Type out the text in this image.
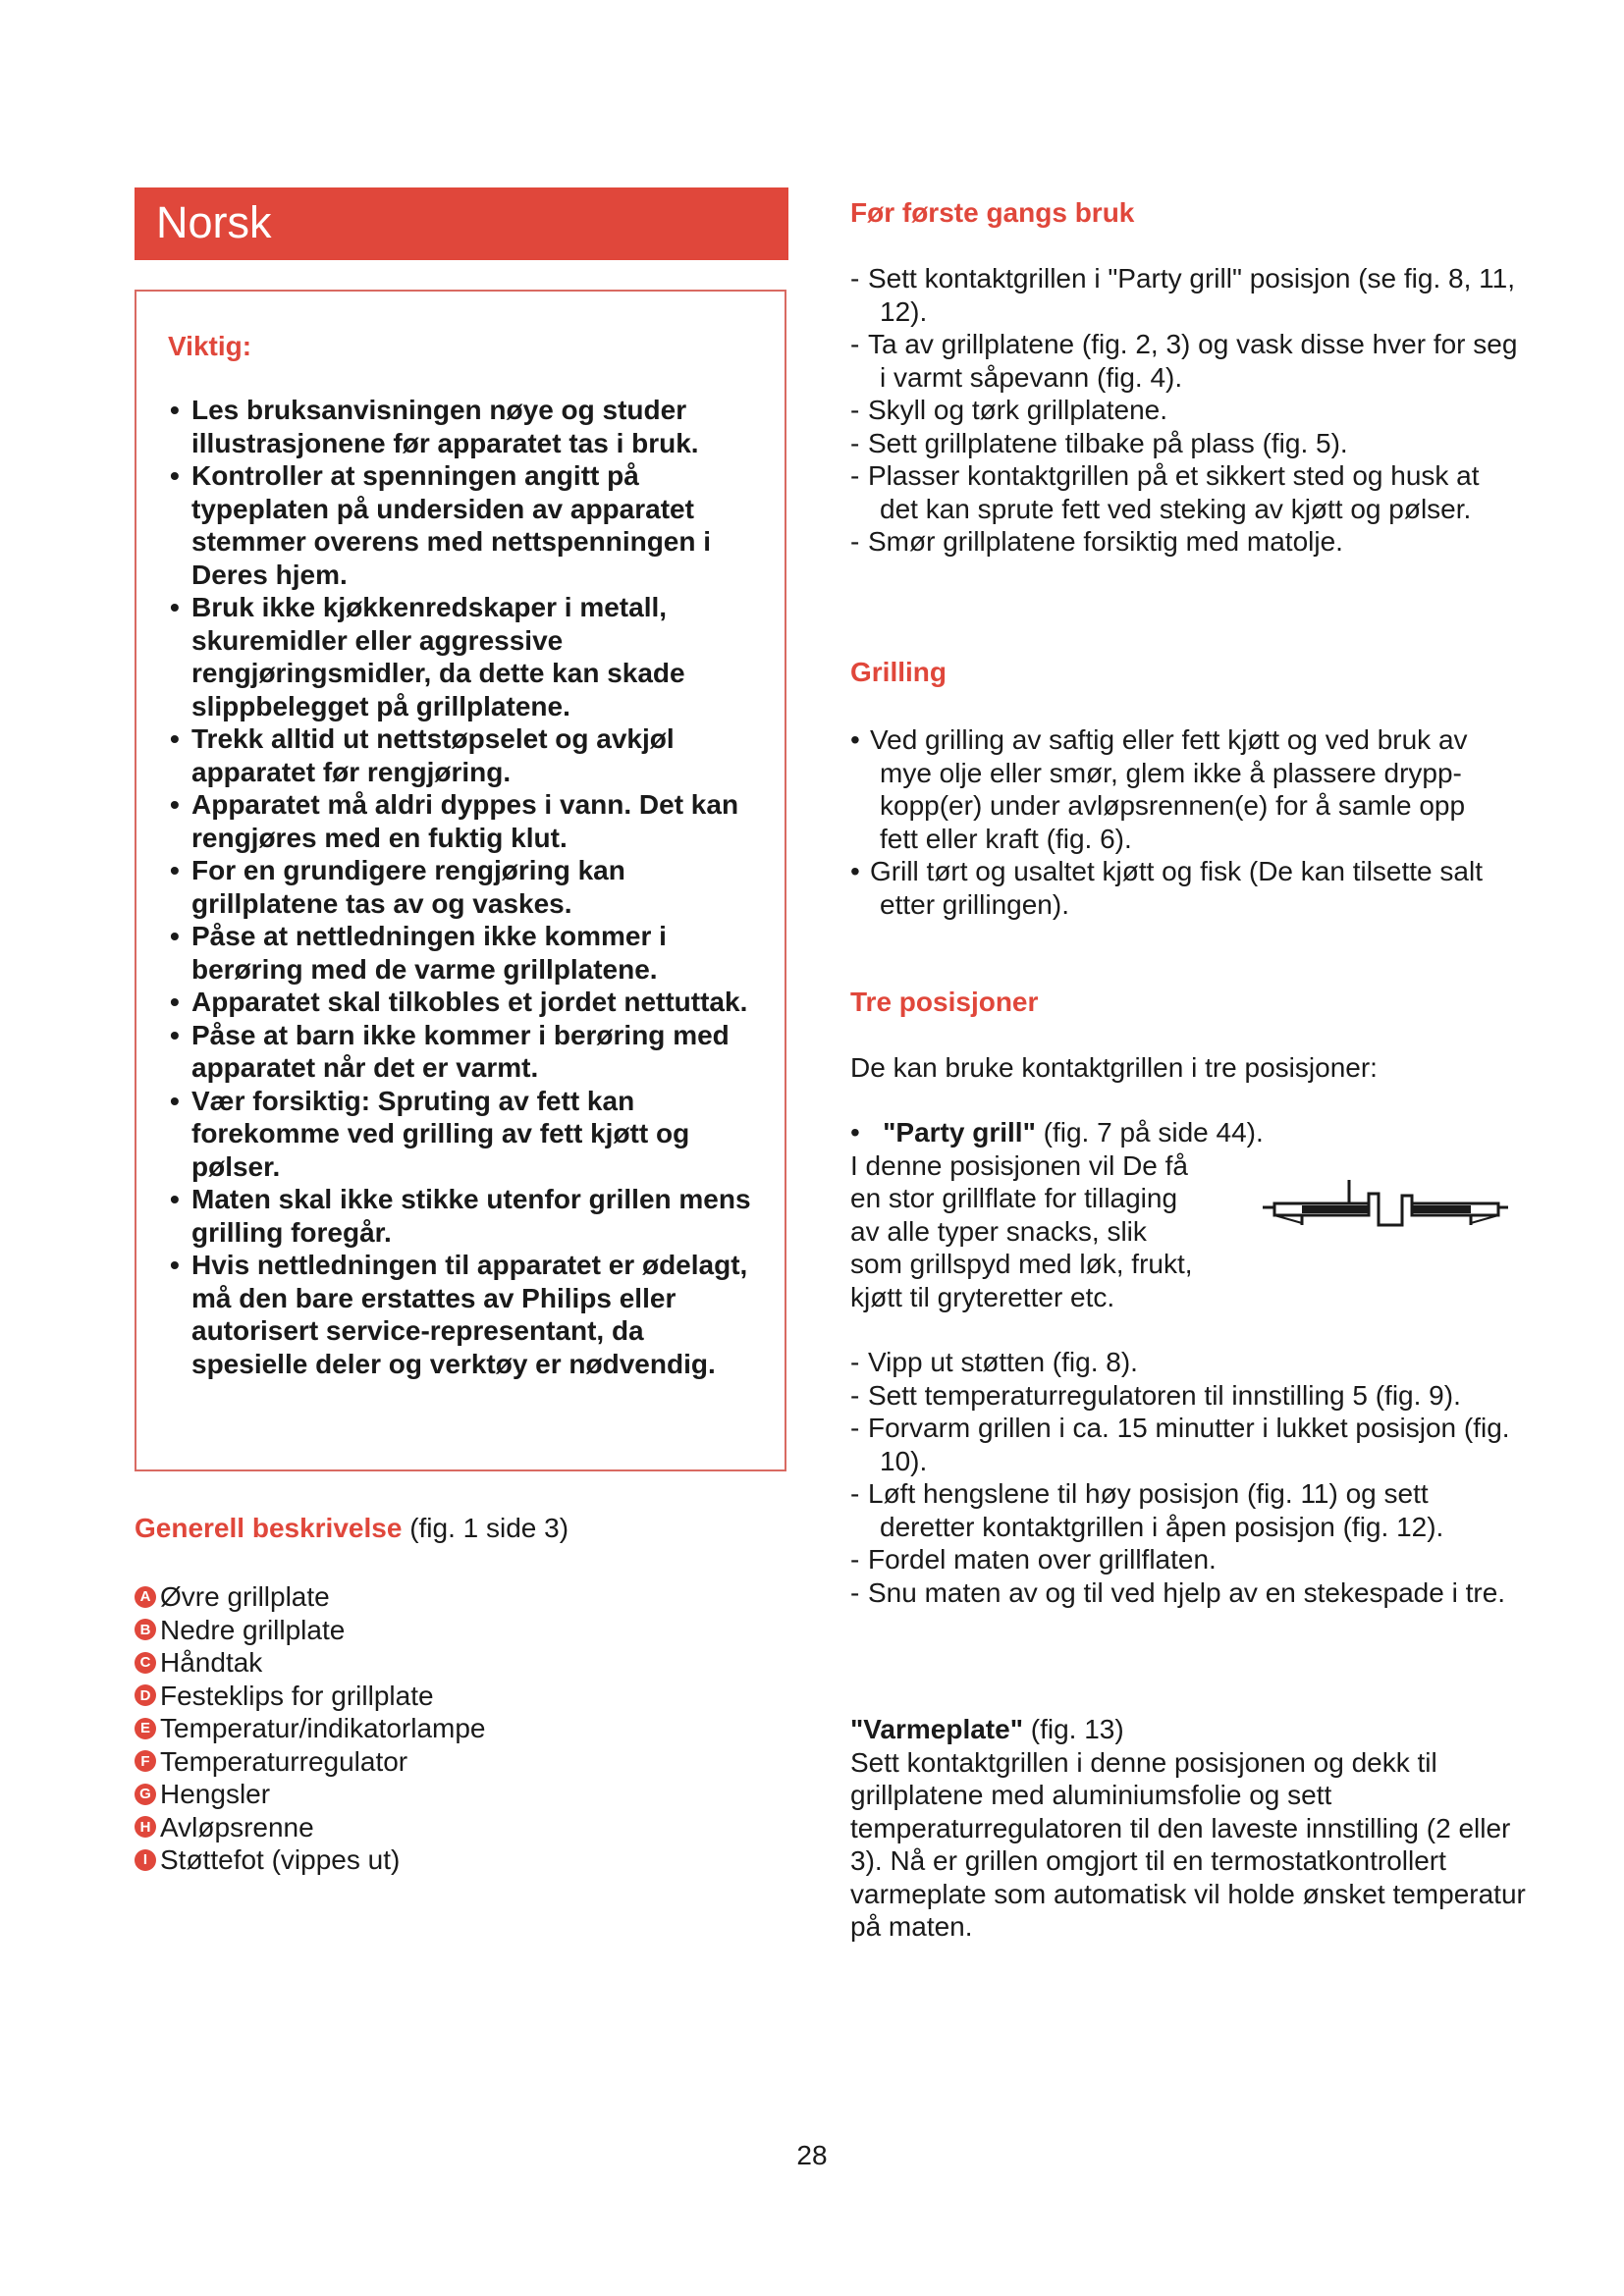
Norsk
Viktig:
• Les bruksanvisningen nøye og studer illustrasjonene før apparatet tas i bruk.
• Kontroller at spenningen angitt på typeplaten på undersiden av apparatet stemmer overens med nettspenningen i Deres hjem.
• Bruk ikke kjøkkenredskaper i metall, skuremidler eller aggressive rengjøringsmidler, da dette kan skade slippbelegget på grillplatene.
• Trekk alltid ut nettstøpselet og avkjøl apparatet før rengjøring.
• Apparatet må aldri dyppes i vann. Det kan rengjøres med en fuktig klut.
• For en grundigere rengjøring kan grillplatene tas av og vaskes.
• Påse at nettledningen ikke kommer i berøring med de varme grillplatene.
• Apparatet skal tilkobles et jordet nettuttak.
• Påse at barn ikke kommer i berøring med apparatet når det er varmt.
• Vær forsiktig: Spruting av fett kan forekomme ved grilling av fett kjøtt og pølser.
• Maten skal ikke stikke utenfor grillen mens grilling foregår.
• Hvis nettledningen til apparatet er ødelagt, må den bare erstattes av Philips eller autorisert service-representant, da spesielle deler og verktøy er nødvendig.
Generell beskrivelse (fig. 1 side 3)
A Øvre grillplate
B Nedre grillplate
C Håndtak
D Festeklips for grillplate
E Temperatur/indikatorlampe
F Temperaturregulator
G Hengsler
H Avløpsrenne
I Støttefot (vippes ut)
Før første gangs bruk
- Sett kontaktgrillen i "Party grill" posisjon (se fig. 8, 11, 12).
- Ta av grillplatene (fig. 2, 3) og vask disse hver for seg i varmt såpevann (fig. 4).
- Skyll og tørk grillplatene.
- Sett grillplatene tilbake på plass (fig. 5).
- Plasser kontaktgrillen på et sikkert sted og husk at det kan sprute fett ved steking av kjøtt og pølser.
- Smør grillplatene forsiktig med matolje.
Grilling
• Ved grilling av saftig eller fett kjøtt og ved bruk av mye olje eller smør, glem ikke å plassere drypp-kopp(er) under avløpsrennen(e) for å samle opp fett eller kraft (fig. 6).
• Grill tørt og usaltet kjøtt og fisk (De kan tilsette salt etter grillingen).
Tre posisjoner
De kan bruke kontaktgrillen i tre posisjoner:
•   "Party grill" (fig. 7 på side 44).
I denne posisjonen vil De få
en stor grillflate for tillaging
av alle typer snacks, slik
som grillspyd med løk, frukt,
kjøtt til gryteretter etc.
- Vipp ut støtten (fig. 8).
- Sett temperaturregulatoren til innstilling 5 (fig. 9).
- Forvarm grillen i ca. 15 minutter i lukket posisjon (fig. 10).
- Løft hengslene til høy posisjon (fig. 11) og sett deretter kontaktgrillen i åpen posisjon (fig. 12).
- Fordel maten over grillflaten.
- Snu maten av og til ved hjelp av en stekespade i tre.
"Varmeplate" (fig. 13)
Sett kontaktgrillen i denne posisjonen og dekk til grillplatene med aluminiumsfolie og sett temperaturregulatoren til den laveste innstilling (2 eller 3). Nå er grillen omgjort til en termostatkontrollert varmeplate som automatisk vil holde ønsket temperatur på maten.
28
